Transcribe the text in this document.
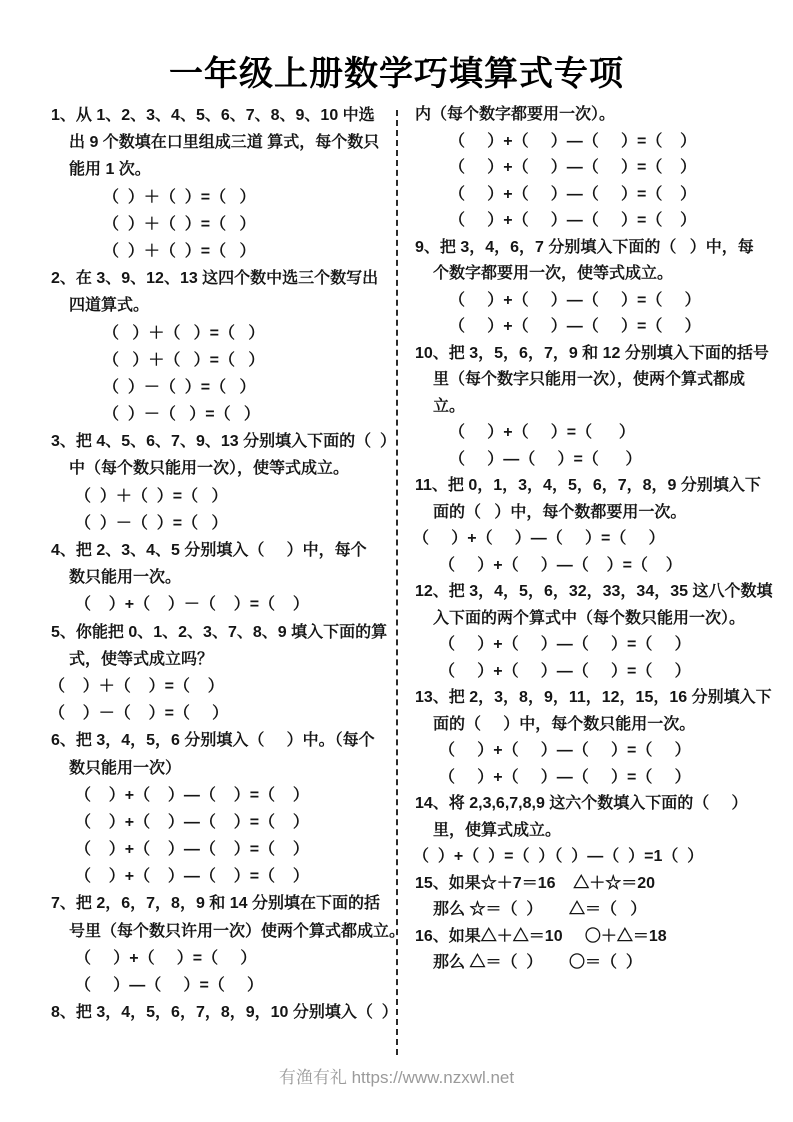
一年级上册数学巧填算式专项
1、从 1、2、3、4、5、6、7、8、9、10 中选
出 9 个数填在口里组成三道 算式，每个数只
能用 1 次。
（  ）＋（  ）=（   ）
（  ）＋（  ）=（   ）
（  ）＋（  ）=（   ）
2、在 3、9、12、13 这四个数中选三个数写出
四道算式。
（   ）＋（   ）=（   ）
（   ）＋（   ）=（   ）
（  ）－（  ）=（   ）
（  ）－（   ）=（   ）
3、把 4、5、6、7、9、13 分别填入下面的（  ）
中（每个数只能用一次），使等式成立。
（  ）＋（  ）=（   ）
（  ）－（  ）=（   ）
4、把 2、3、4、5 分别填入（     ）中，每个
数只能用一次。
（    ）+（    ）－（    ）=（    ）
5、你能把 0、1、2、3、7、8、9 填入下面的算
式，使等式成立吗？
（    ）＋（    ）=（    ）
（    ）－（    ）=（     ）
6、把 3，4，5，6 分别填入（     ）中。（每个
数只能用一次）
（    ）+（    ）—（    ）=（    ）
（    ）+（    ）—（    ）=（    ）
（    ）+（    ）—（    ）=（    ）
（    ）+（    ）—（    ）=（    ）
7、把 2，6，7，8，9 和 14 分别填在下面的括
号里（每个数只许用一次）使两个算式都成立。
（     ）+（     ）=（     ）
（     ）—（     ）=（     ）
8、把 3，4，5，6，7，8，9，10 分别填入（  ）
内（每个数字都要用一次）。
（     ）+（     ）—（     ）=（    ）
（     ）+（     ）—（     ）=（    ）
（     ）+（     ）—（     ）=（    ）
（     ）+（     ）—（     ）=（    ）
9、把 3，4，6，7 分别填入下面的（   ）中，每
个数字都要用一次，使等式成立。
（     ）+（     ）—（     ）=（     ）
（     ）+（     ）—（     ）=（     ）
10、把 3，5，6，7，9 和 12 分别填入下面的括号
里（每个数字只能用一次），使两个算式都成
立。
（     ）+（     ）=（      ）
（     ）—（     ）=（      ）
11、把 0，1，3，4，5，6，7，8，9 分别填入下
面的（   ）中，每个数都要用一次。
（     ）+（     ）—（     ）=（     ）
（     ）+（     ）—（    ）=（    ）
12、把 3，4，5，6，32，33，34，35 这八个数填
入下面的两个算式中（每个数只能用一次）。
（     ）+（     ）—（     ）=（     ）
（     ）+（     ）—（     ）=（     ）
13、把 2，3，8，9，11，12，15，16 分别填入下
面的（     ）中，每个数只能用一次。
（     ）+（     ）—（     ）=（     ）
（     ）+（     ）—（     ）=（     ）
14、将 2,3,6,7,8,9 这六个数填入下面的（     ）
里，使算式成立。
（  ）+（  ）=（  ）（  ）—（  ）=1（  ）
15、如果☆＋7＝16    △＋☆＝20
那么 ☆＝（  ）      △＝（   ）
16、如果△＋△＝10     〇＋△＝18
那么 △＝（  ）      〇＝（  ）
有渔有礼 https://www.nzxwl.net
